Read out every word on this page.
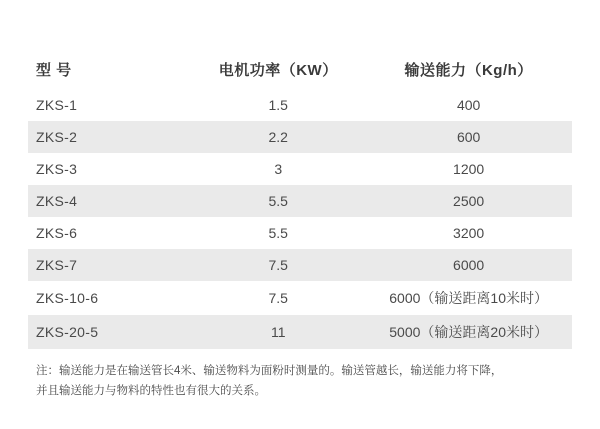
型 号	电机功率（KW）	输送能力（Kg/h）
ZKS-1	1.5	400
ZKS-2	2.2	600
ZKS-3	3	1200
ZKS-4	5.5	2500
ZKS-6	5.5	3200
ZKS-7	7.5	6000
ZKS-10-6	7.5	6000（输送距离10米时）
ZKS-20-5	11	5000（输送距离20米时）
注：输送能力是在输送管长4米、输送物料为面粉时测量的。输送管越长，输送能力将下降，
并且输送能力与物料的特性也有很大的关系。
